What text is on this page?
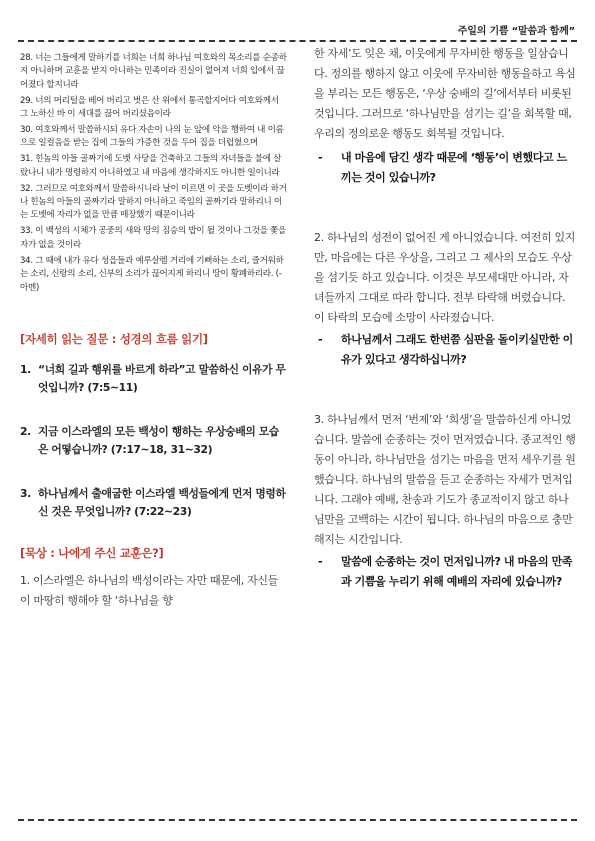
주일의 기쁨 “말씀과 함께”
28. 너는 그들에게 말하기를 너희는 너희 하나님 여호와의 목소리를 순종하지 아니하며 교훈을 받지 아니하는 민족이라 진실이 없어져 너희 입에서 끊어졌다 할지니라
29. 너의 머리털을 베어 버리고 벗은 산 위에서 통곡할지어다 여호와께서 그 노하신 바 이 세대를 끊어 버리셨음이라
30. 여호와께서 말씀하시되 유다 자손이 나의 눈 앞에 악을 행하여 내 이름으로 일컬음을 받는 집에 그들의 가증한 것을 두어 집을 더럽혔으며
31. 힌놈의 아들 골짜기에 도벳 사당을 건축하고 그들의 자녀들을 불에 살랐나니 내가 명령하지 아니하였고 내 마음에 생각하지도 아니한 일이니라
32. 그러므로 여호와께서 말씀하시니라 날이 이르면 이 곳을 도벳이라 하거나 힌놈의 아들의 골짜기라 말하지 아니하고 죽임의 골짜기라 말하리니 이는 도벳에 자리가 없을 만큼 매장했기 때문이니라
33. 이 백성의 시체가 공중의 새와 땅의 짐승의 밥이 될 것이나 그것을 쫓을 자가 없을 것이라
34. 그 때에 내가 유다 성읍들과 예루살렘 거리에 기뻐하는 소리, 즐거워하는 소리, 신랑의 소리, 신부의 소리가 끊어지게 하리니 땅이 황폐하리라. (-아멘)
[자세히 읽는 질문 : 성경의 흐름 읽기]
1. “너희 길과 행위를 바르게 하라”고 말씀하신 이유가 무엇입니까? (7:5~11)
2. 지금 이스라엘의 모든 백성이 행하는 우상숭배의 모습은 어떻습니까? (7:17~18, 31~32)
3. 하나님께서 출애굽한 이스라엘 백성들에게 먼저 명령하신 것은 무엇입니까? (7:22~23)
[묵상 : 나에게 주신 교훈은?]
1. 이스라엘은 하나님의 백성이라는 자만 때문에, 자신들이 마땅히 행해야 할 ‘하나님을 향
한 자세’도 잊은 채, 이웃에게 무자비한 행동을 일삼습니다. 정의를 행하지 않고 이웃에 무자비한 행동을하고 욕심을 부리는 모든 행동은, ‘우상 숭배의 길’에서부터 비롯된 것입니다. 그러므로 ‘하나님만을 섬기는 길’을 회복할 때, 우리의 정의로운 행동도 회복될 것입니다.
- 내 마음에 담긴 생각 때문에 ‘행동’이 변했다고 느끼는 것이 있습니까?
2. 하나님의 성전이 없어진 게 아니었습니다. 여전히 있지만, 마음에는 다른 우상을, 그리고 그 제사의 모습도 우상을 섬기듯 하고 있습니다. 이것은 부모세대만 아니라, 자녀들까지 그대로 따라 합니다. 전부 타락해 버렸습니다. 이 타락의 모습에 소망이 사라졌습니다.
- 하나님께서 그래도 한번쯤 심판을 돌이키실만한 이유가 있다고 생각하십니까?
3. 하나님께서 먼저 ‘번제’와 ‘희생’을 말씀하신게 아니었습니다. 말씀에 순종하는 것이 먼저였습니다. 종교적인 행동이 아니라, 하나님만을 섬기는 마음을 먼저 세우기를 원했습니다. 하나님의 말씀을 듣고 순종하는 자세가 먼저입니다. 그래야 예배, 찬송과 기도가 종교적이지 않고 하나님만을 고백하는 시간이 됩니다. 하나님의 마음으로 충만해지는 시간입니다.
- 말씀에 순종하는 것이 먼저입니까? 내 마음의 만족과 기쁨을 누리기 위해 예배의 자리에 있습니까?
